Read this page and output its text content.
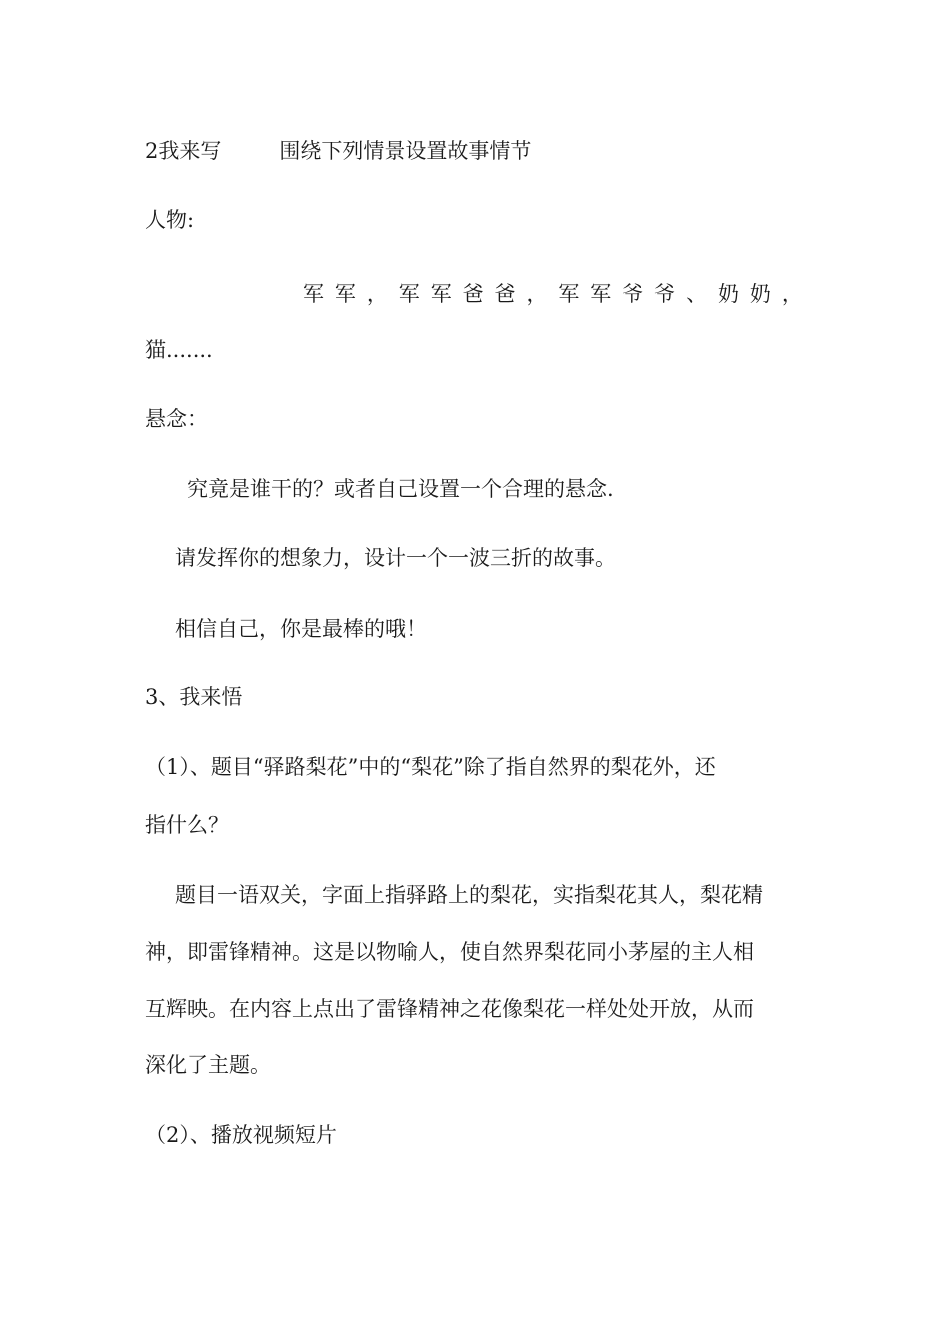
2我来写	围绕下列情景设置故事情节
人物:
军 军 ， 军 军 爸 爸 ， 军 军 爷 爷 、 奶 奶 ，
猫.......
悬念：
究竟是谁干的？或者自己设置一个合理的悬念.
请发挥你的想象力，设计一个一波三折的故事。
相信自己，你是最棒的哦！
3、我来悟
（1）、题目“驿路梨花”中的“梨花”除了指自然界的梨花外，还
指什么？
题目一语双关，字面上指驿路上的梨花，实指梨花其人，梨花精
神，即雷锋精神。这是以物喻人，使自然界梨花同小茅屋的主人相
互辉映。在内容上点出了雷锋精神之花像梨花一样处处开放，从而
深化了主题。
（2）、播放视频短片
